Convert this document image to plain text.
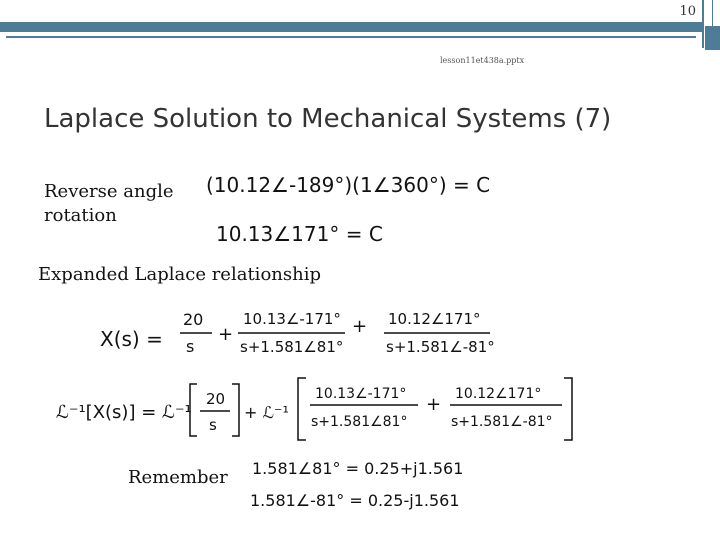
10
lesson11et438a.pptx
Laplace Solution to Mechanical Systems (7)
Reverse angle
rotation
Expanded Laplace relationship
Remember
(10.12∠-189°)(1∠360°) = C
10.13∠171° = C
X(s) =
20
s
+
10.13∠-171°
s+1.581∠81°
+ 10.12∠171°
s+1.581∠-81°
ℒ⁻¹[X(s)] = ℒ⁻¹
20
s
+ ℒ⁻¹
10.13∠-171°
s+1.581∠81°
+ 10.12∠171°
s+1.581∠-81°
1.581∠81° = 0.25+j1.561
1.581∠-81° = 0.25-j1.561
